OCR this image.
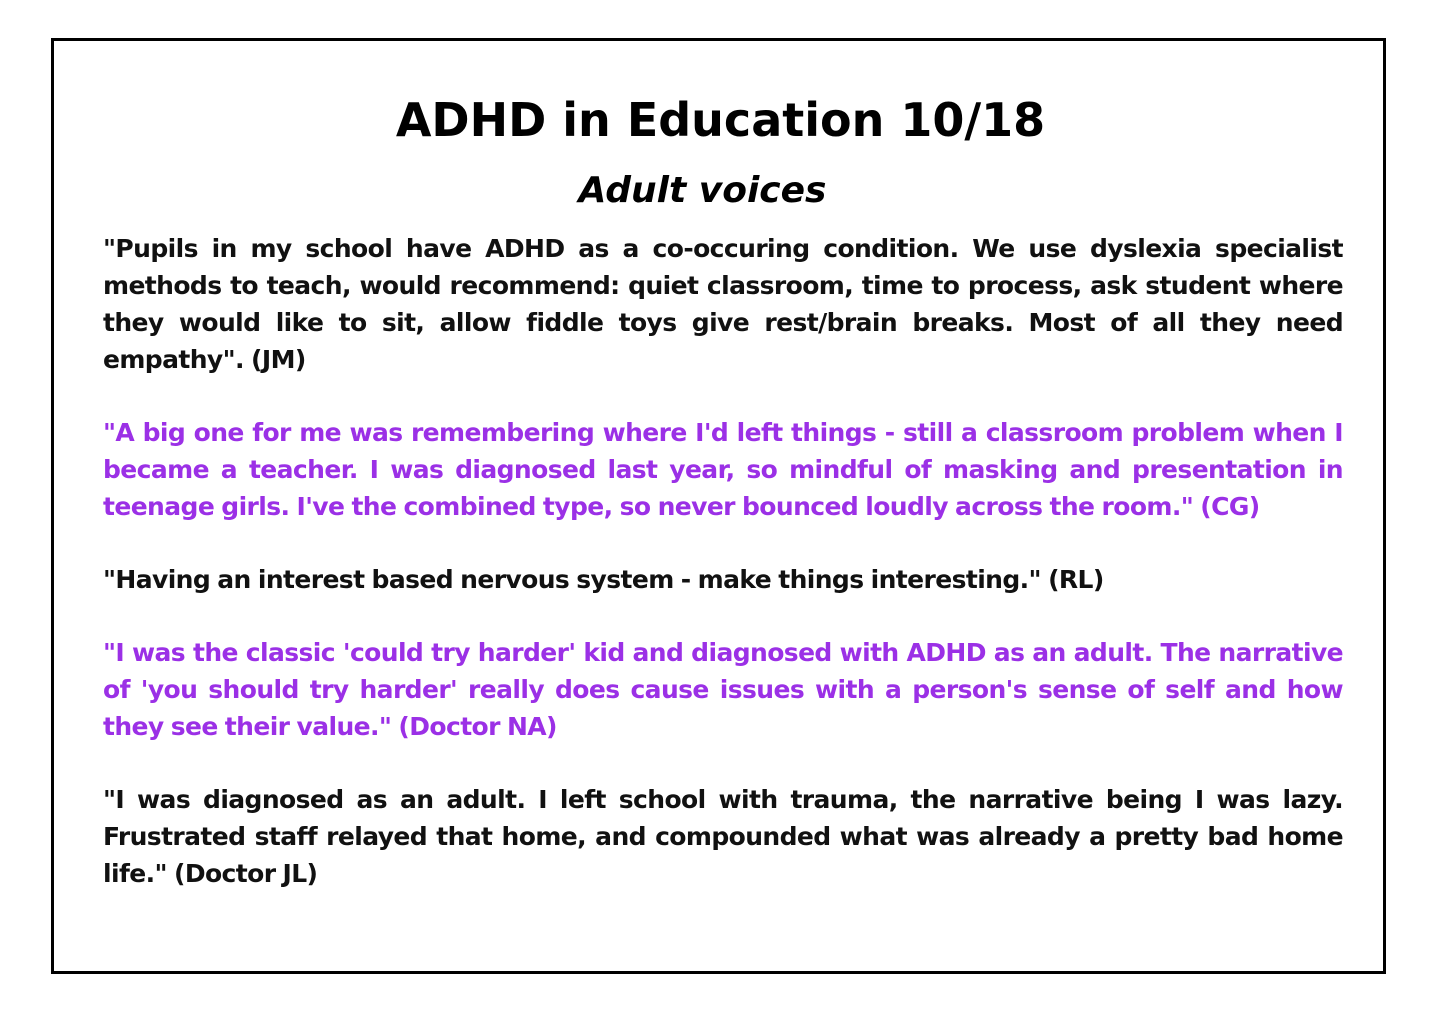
ADHD in Education 10/18
Adult voices

"Pupils in my school have ADHD as a co-occuring condition. We use dyslexia specialist methods to teach, would recommend: quiet classroom, time to process, ask student where they would like to sit, allow fiddle toys give rest/brain breaks. Most of all they need empathy". (JM)

"A big one for me was remembering where I'd left things - still a classroom problem when I became a teacher. I was diagnosed last year, so mindful of masking and presentation in teenage girls. I've the combined type, so never bounced loudly across the room." (CG)

"Having an interest based nervous system - make things interesting." (RL)

"I was the classic 'could try harder' kid and diagnosed with ADHD as an adult. The narrative of 'you should try harder' really does cause issues with a person's sense of self and how they see their value." (Doctor NA)

"I was diagnosed as an adult. I left school with trauma, the narrative being I was lazy. Frustrated staff relayed that home, and compounded what was already a pretty bad home life." (Doctor JL)
